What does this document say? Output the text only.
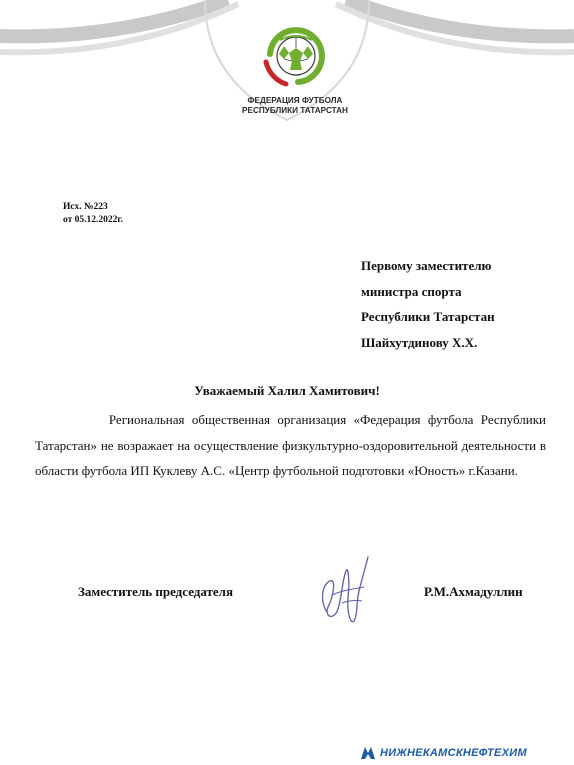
ФЕДЕРАЦИЯ ФУТБОЛА
РЕСПУБЛИКИ ТАТАРСТАН
Исх. №223
от 05.12.2022г.
Первому заместителю
министра спорта
Республики Татарстан
Шайхутдинову Х.Х.
Уважаемый Халил Хамитович!

Региональная общественная организация «Федерация футбола Республики Татарстан» не возражает на осуществление физкультурно-оздоровительной деятельности в области футбола ИП Куклеву А.С. «Центр футбольной подготовки «Юность» г.Казани.

Заместитель председателя	Р.М.Ахмадуллин
НИЖНЕКАМСКНЕФТЕХИМ
